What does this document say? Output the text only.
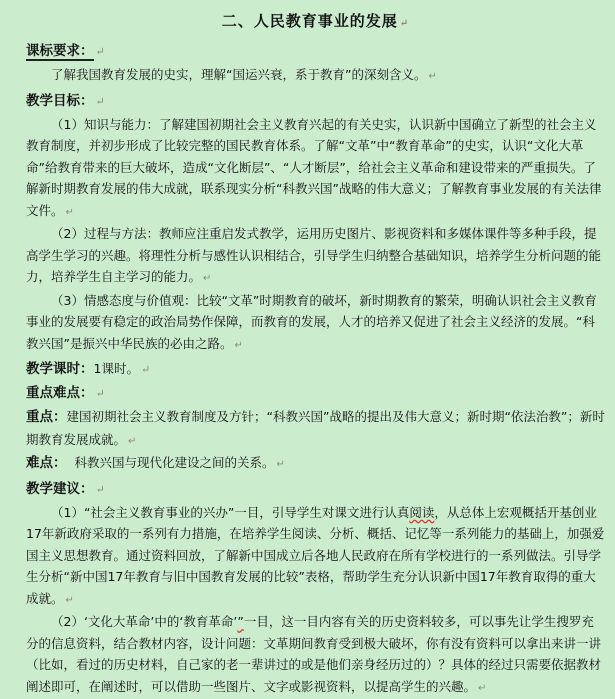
二、人民教育事业的发展 ↵
课标要求： ↵

了解我国教育发展的史实，理解“国运兴衰，系于教育”的深刻含义。 ↵

教学目标： ↵

（1）知识与能力：了解建国初期社会主义教育兴起的有关史实，认识新中国确立了新型的社会主义教育制度，并初步形成了比较完整的国民教育体系。了解“文革”中“教育革命”的史实，认识“文化大革命”给教育带来的巨大破坏，造成“文化断层”、“人才断层”，给社会主义革命和建设带来的严重损失。了解新时期教育发展的伟大成就，联系现实分析“科教兴国”战略的伟大意义；了解教育事业发展的有关法律文件。 ↵

（2）过程与方法：教师应注重启发式教学，运用历史图片、影视资料和多媒体课件等多种手段，提高学生学习的兴趣。将理性分析与感性认识相结合，引导学生归纳整合基础知识，培养学生分析问题的能力，培养学生自主学习的能力。 ↵

（3）情感态度与价值观：比较“文革”时期教育的破坏，新时期教育的繁荣，明确认识社会主义教育事业的发展要有稳定的政治局势作保障，而教育的发展，人才的培养又促进了社会主义经济的发展。“科教兴国”是振兴中华民族的必由之路。 ↵

教学课时：1课时。 ↵
重点难点： ↵

重点：建国初期社会主义教育制度及方针；“科教兴国”战略的提出及伟大意义；新时期“依法治教”；新时期教育发展成就。 ↵

难点： 科教兴国与现代化建设之间的关系。 ↵

教学建议： ↵

（1）“社会主义教育事业的兴办”一目，引导学生对课文进行认真阅读，从总体上宏观概括开基创业17年新政府采取的一系列有力措施，在培养学生阅读、分析、概括、记忆等一系列能力的基础上，加强爱国主义思想教育。通过资料回放，了解新中国成立后各地人民政府在所有学校进行的一系列做法。引导学生分析“新中国17年教育与旧中国教育发展的比较”表格，帮助学生充分认识新中国17年教育取得的重大成就。 ↵

（2）‘文化大革命’中的‘教育革命’”一目，这一目内容有关的历史资料较多，可以事先让学生搜罗充分的信息资料，结合教材内容，设计问题：文革期间教育受到极大破坏，你有没有资料可以拿出来讲一讲（比如，看过的历史材料，自己家的老一辈讲过的或是他们亲身经历过的）？具体的经过只需要依据教材阐述即可，在阐述时，可以借助一些图片、文字或影视资料，以提高学生的兴趣。 ↵
